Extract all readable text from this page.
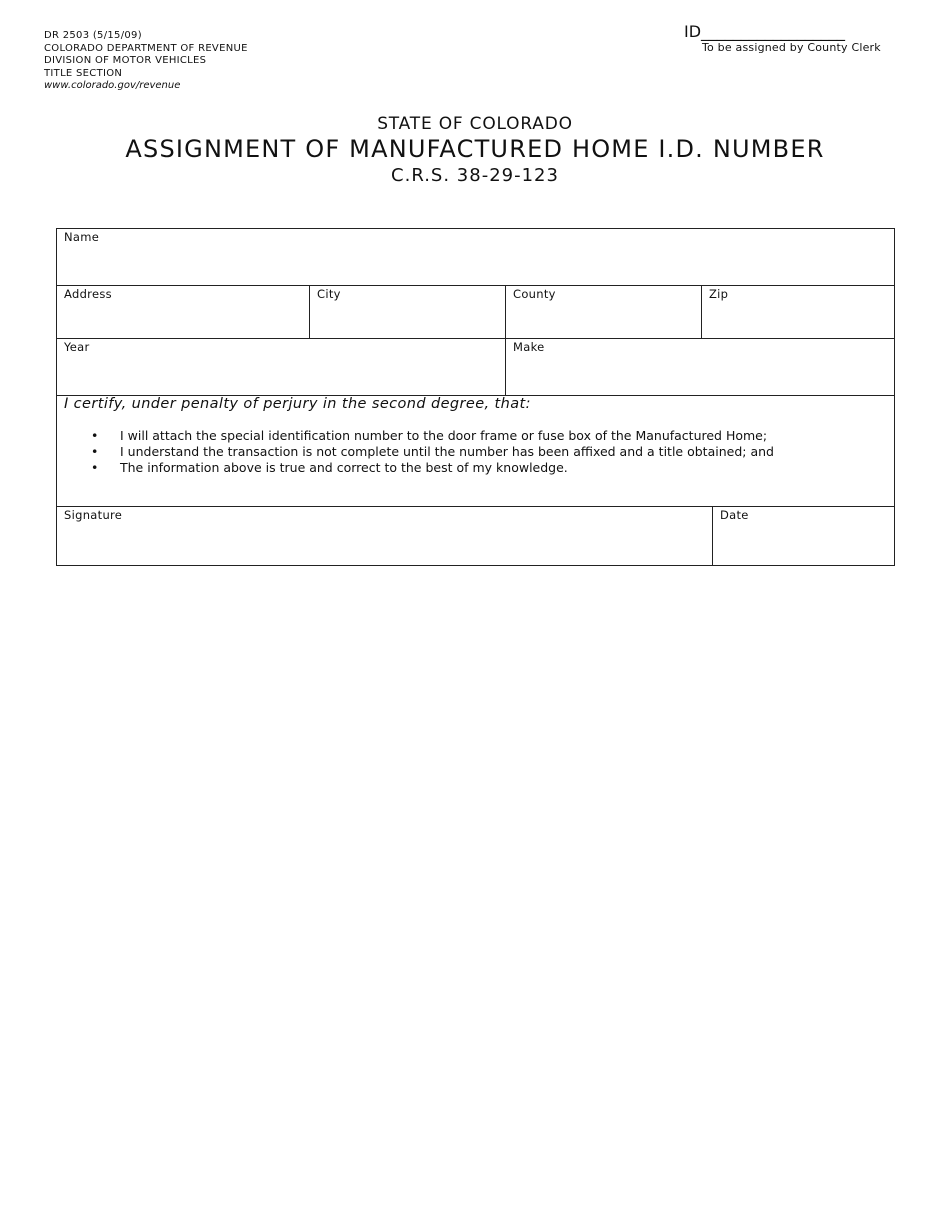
DR 2503 (5/15/09)
COLORADO DEPARTMENT OF REVENUE
DIVISION OF MOTOR VEHICLES
TITLE SECTION
www.colorado.gov/revenue
ID__________________
To be assigned by County Clerk
STATE OF COLORADO
ASSIGNMENT OF MANUFACTURED HOME I.D. NUMBER
C.R.S. 38-29-123
Name
Address	City	County	Zip
Year	Make
I certify, under penalty of perjury in the second degree, that:
• I will attach the special identification number to the door frame or fuse box of the Manufactured Home;
• I understand the transaction is not complete until the number has been affixed and a title obtained; and
• The information above is true and correct to the best of my knowledge.
Signature	Date
